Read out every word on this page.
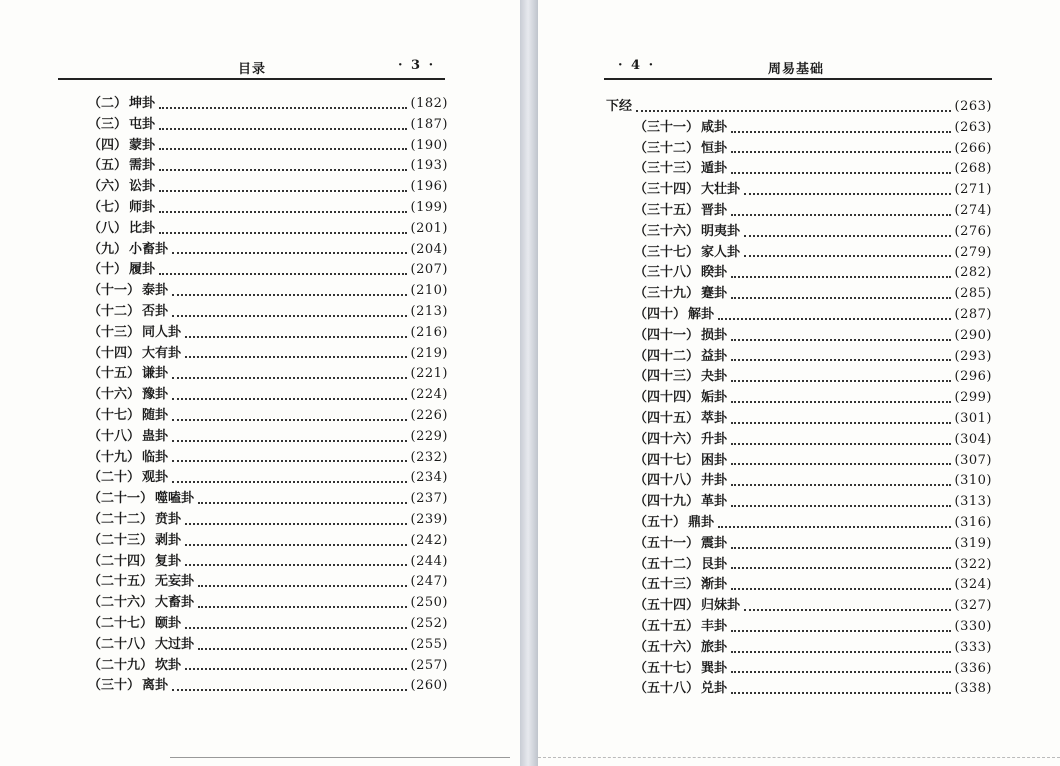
目录	· 3 ·
（二） 坤卦	(182)
（三） 屯卦	(187)
（四） 蒙卦	(190)
（五） 需卦	(193)
（六） 讼卦	(196)
（七） 师卦	(199)
（八） 比卦	(201)
（九） 小畜卦	(204)
（十） 履卦	(207)
（十一） 泰卦	(210)
（十二） 否卦	(213)
（十三） 同人卦	(216)
（十四） 大有卦	(219)
（十五） 谦卦	(221)
（十六） 豫卦	(224)
（十七） 随卦	(226)
（十八） 蛊卦	(229)
（十九） 临卦	(232)
（二十） 观卦	(234)
（二十一） 噬嗑卦	(237)
（二十二） 贲卦	(239)
（二十三） 剥卦	(242)
（二十四） 复卦	(244)
（二十五） 无妄卦	(247)
（二十六） 大畜卦	(250)
（二十七） 颐卦	(252)
（二十八） 大过卦	(255)
（二十九） 坎卦	(257)
（三十） 离卦	(260)
· 4 ·	周易基础
下经	(263)
（三十一） 咸卦	(263)
（三十二） 恒卦	(266)
（三十三） 遁卦	(268)
（三十四） 大壮卦	(271)
（三十五） 晋卦	(274)
（三十六） 明夷卦	(276)
（三十七） 家人卦	(279)
（三十八） 睽卦	(282)
（三十九） 蹇卦	(285)
（四十） 解卦	(287)
（四十一） 损卦	(290)
（四十二） 益卦	(293)
（四十三） 夬卦	(296)
（四十四） 姤卦	(299)
（四十五） 萃卦	(301)
（四十六） 升卦	(304)
（四十七） 困卦	(307)
（四十八） 井卦	(310)
（四十九） 革卦	(313)
（五十） 鼎卦	(316)
（五十一） 震卦	(319)
（五十二） 艮卦	(322)
（五十三） 渐卦	(324)
（五十四） 归妹卦	(327)
（五十五） 丰卦	(330)
（五十六） 旅卦	(333)
（五十七） 巽卦	(336)
（五十八） 兑卦	(338)
